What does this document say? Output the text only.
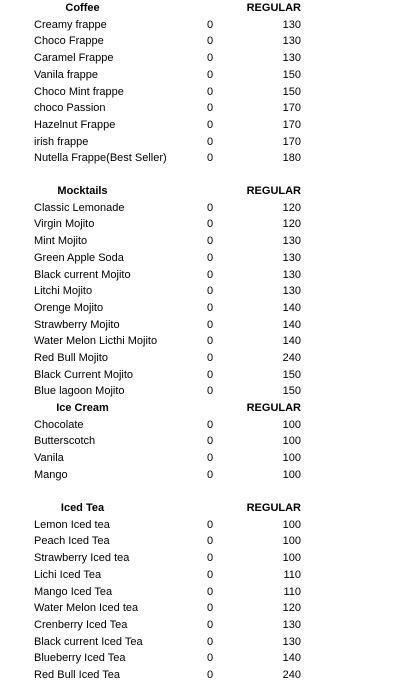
Coffee	REGULAR
Creamy frappe	0	130
Choco Frappe	0	130
Caramel Frappe	0	130
Vanila frappe	0	150
Choco Mint frappe	0	150
choco Passion	0	170
Hazelnut Frappe	0	170
irish frappe	0	170
Nutella Frappe(Best Seller)	0	180
Mocktails	REGULAR
Classic Lemonade	0	120
Virgin Mojito	0	120
Mint Mojito	0	130
Green Apple Soda	0	130
Black current Mojito	0	130
Litchi Mojito	0	130
Orenge Mojito	0	140
Strawberry Mojito	0	140
Water Melon Licthi Mojito	0	140
Red Bull Mojito	0	240
Black Current Mojito	0	150
Blue lagoon Mojito	0	150
Ice Cream	REGULAR
Chocolate	0	100
Butterscotch	0	100
Vanila	0	100
Mango	0	100
Iced Tea	REGULAR
Lemon Iced tea	0	100
Peach Iced Tea	0	100
Strawberry Iced tea	0	100
Lichi Iced Tea	0	110
Mango Iced Tea	0	110
Water Melon Iced tea	0	120
Crenberry Iced Tea	0	130
Black current Iced Tea	0	130
Blueberry Iced Tea	0	140
Red Bull Iced Tea	0	240
